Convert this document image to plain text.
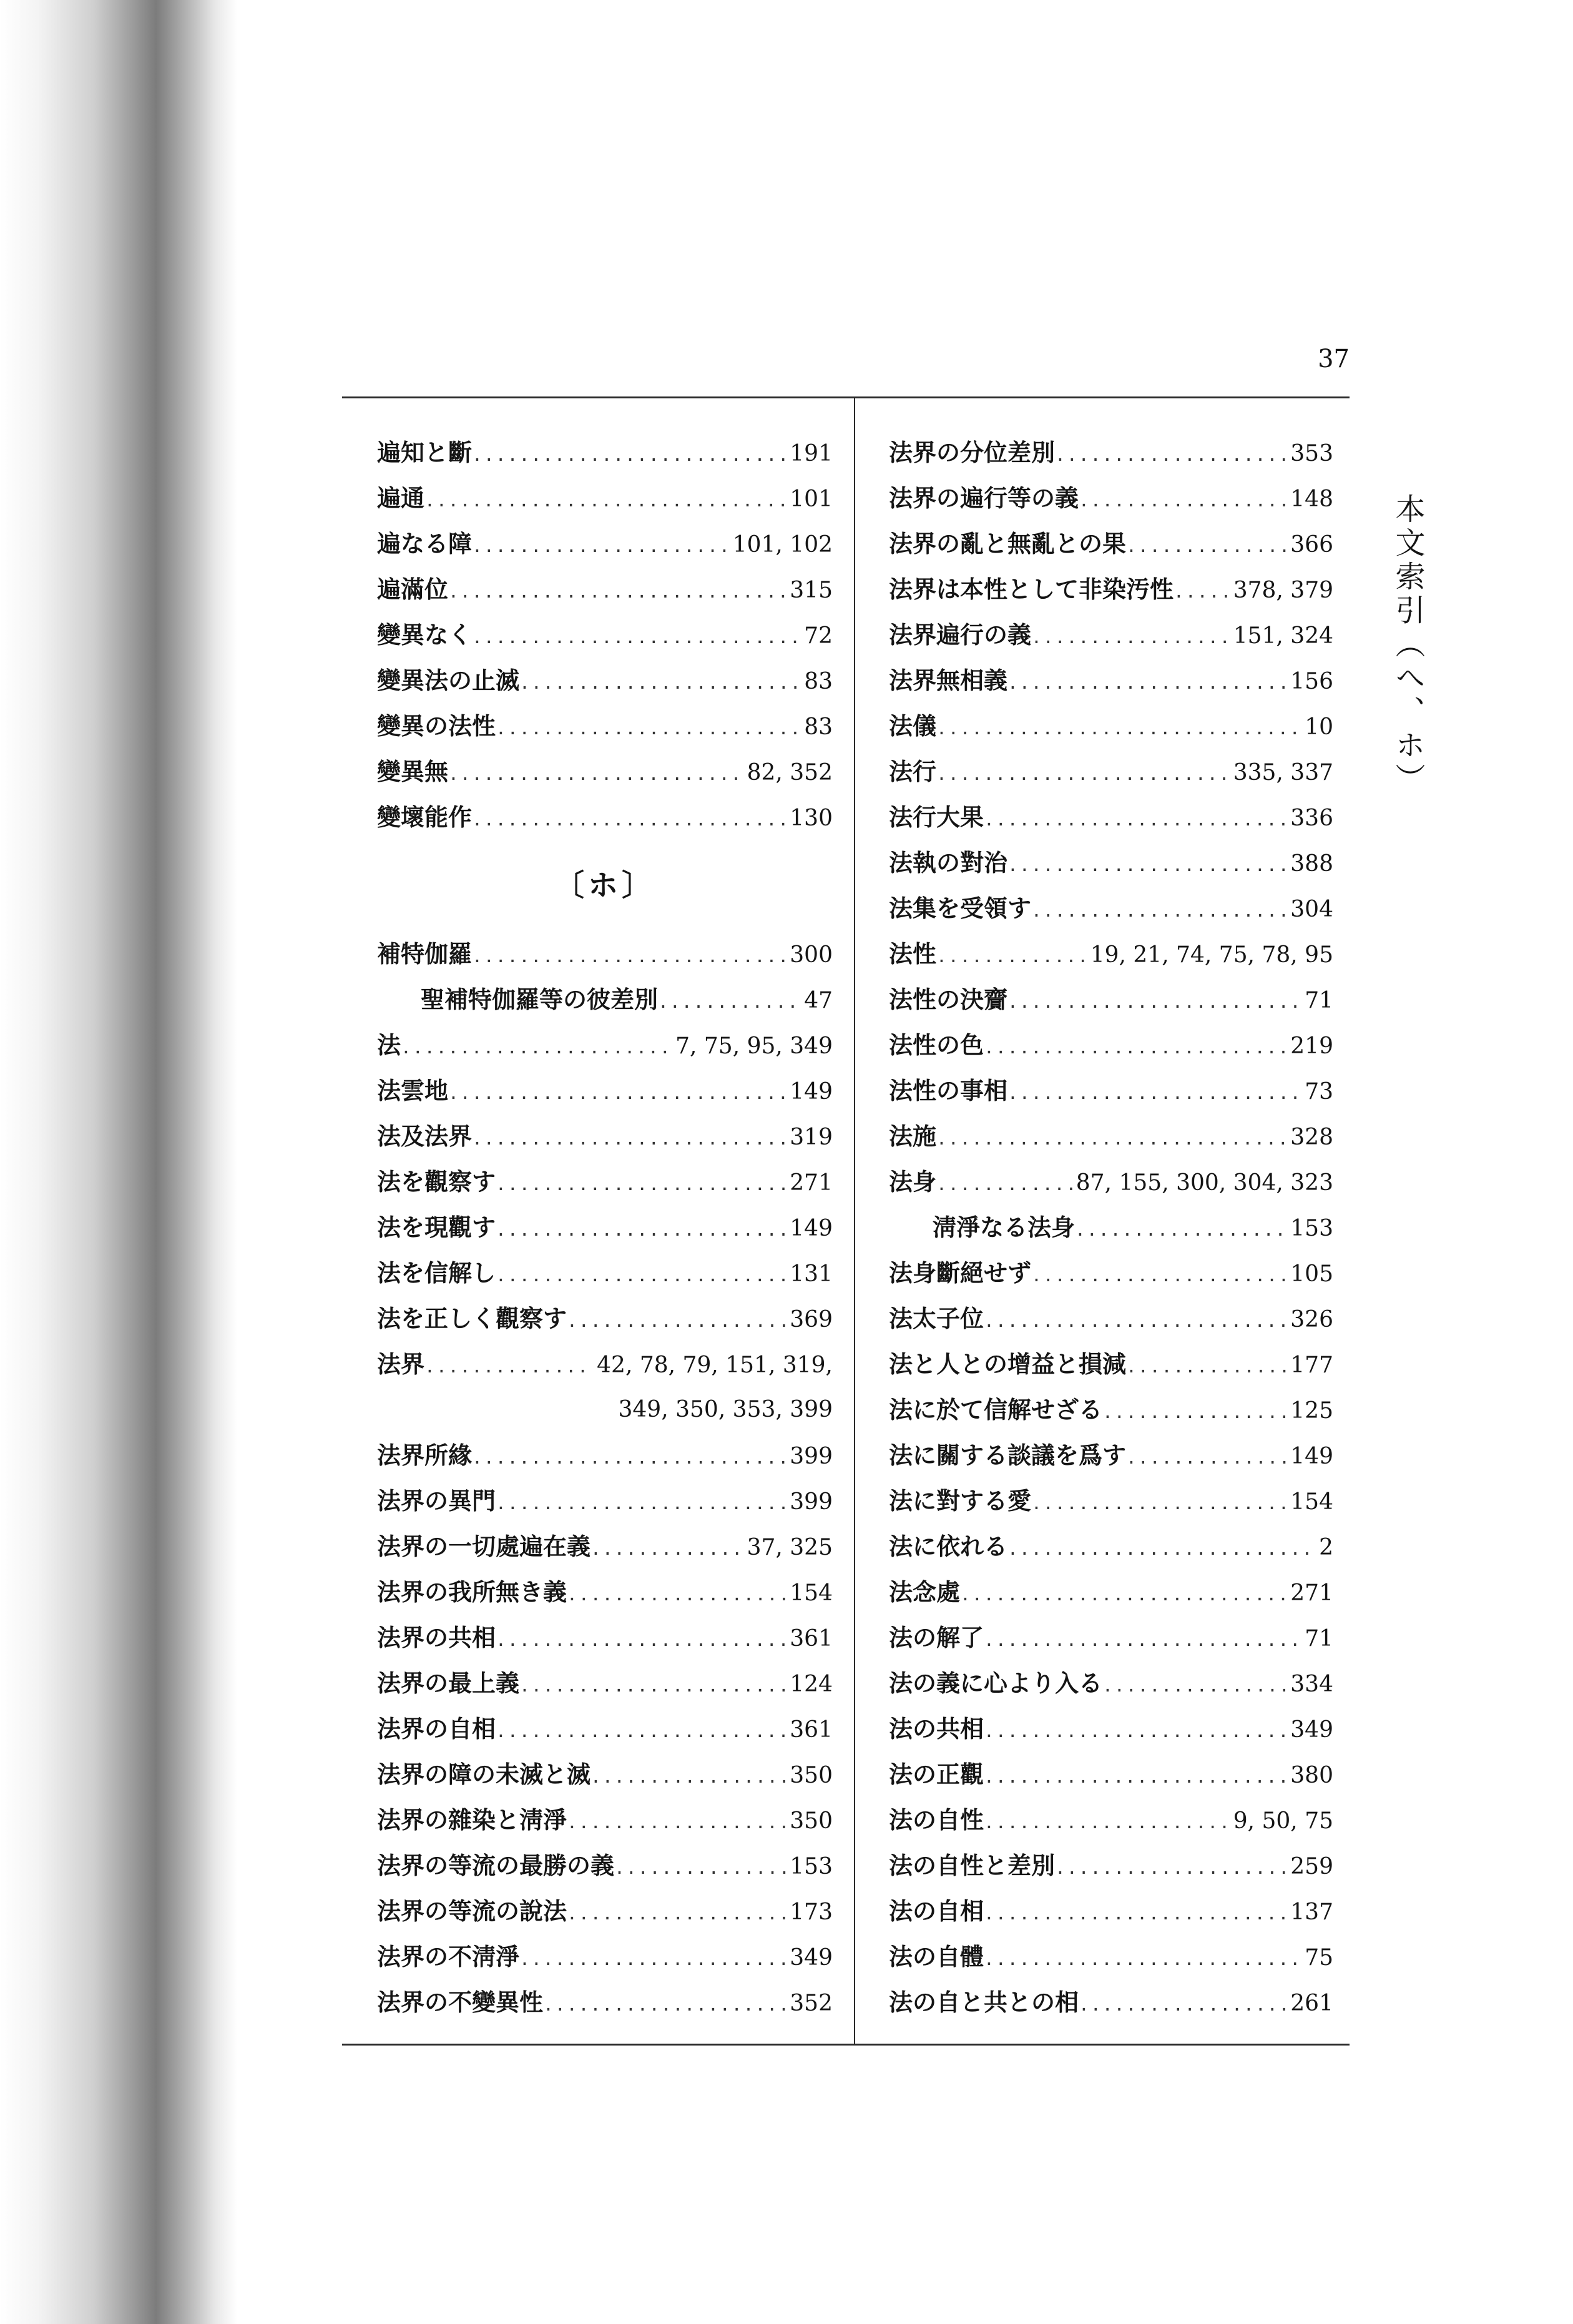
37
本文索引（へ、ホ）
遍知と斷 .....	191
遍通 .....	101
遍なる障 .....	101, 102
遍滿位 .....	315
變異なく .....	72
變異法の止滅 .....	83
變異の法性 .....	83
變異無 .....	82, 352
變壞能作 .....	130
〔ホ〕
補特伽羅 .....	300
聖補特伽羅等の彼差別 .....	47
法 .....	7, 75, 95, 349
法雲地 .....	149
法及法界 .....	319
法を觀察す .....	271
法を現觀す .....	149
法を信解し .....	131
法を正しく觀察す .....	369
法界 .....	42, 78, 79, 151, 319,
349, 350, 353, 399
法界所緣 .....	399
法界の異門 .....	399
法界の一切處遍在義 .....	37, 325
法界の我所無き義 .....	154
法界の共相 .....	361
法界の最上義 .....	124
法界の自相 .....	361
法界の障の未滅と滅 .....	350
法界の雜染と淸淨 .....	350
法界の等流の最勝の義 .....	153
法界の等流の說法 .....	173
法界の不淸淨 .....	349
法界の不變異性 .....	352
法界の分位差別 .....	353
法界の遍行等の義 .....	148
法界の亂と無亂との果 .....	366
法界は本性として非染汚性 .....	378, 379
法界遍行の義 .....	151, 324
法界無相義 .....	156
法儀 .....	10
法行 .....	335, 337
法行大果 .....	336
法執の對治 .....	388
法集を受領す .....	304
法性 .....	19, 21, 74, 75, 78, 95
法性の決齎 .....	71
法性の色 .....	219
法性の事相 .....	73
法施 .....	328
法身 .....	87, 155, 300, 304, 323
淸淨なる法身 .....	153
法身斷絕せず .....	105
法太子位 .....	326
法と人との增益と損減 .....	177
法に於て信解せざる .....	125
法に關する談議を爲す .....	149
法に對する愛 .....	154
法に依れる .....	2
法念處 .....	271
法の解了 .....	71
法の義に心より入る .....	334
法の共相 .....	349
法の正觀 .....	380
法の自性 .....	9, 50, 75
法の自性と差別 .....	259
法の自相 .....	137
法の自體 .....	75
法の自と共との相 .....	261
